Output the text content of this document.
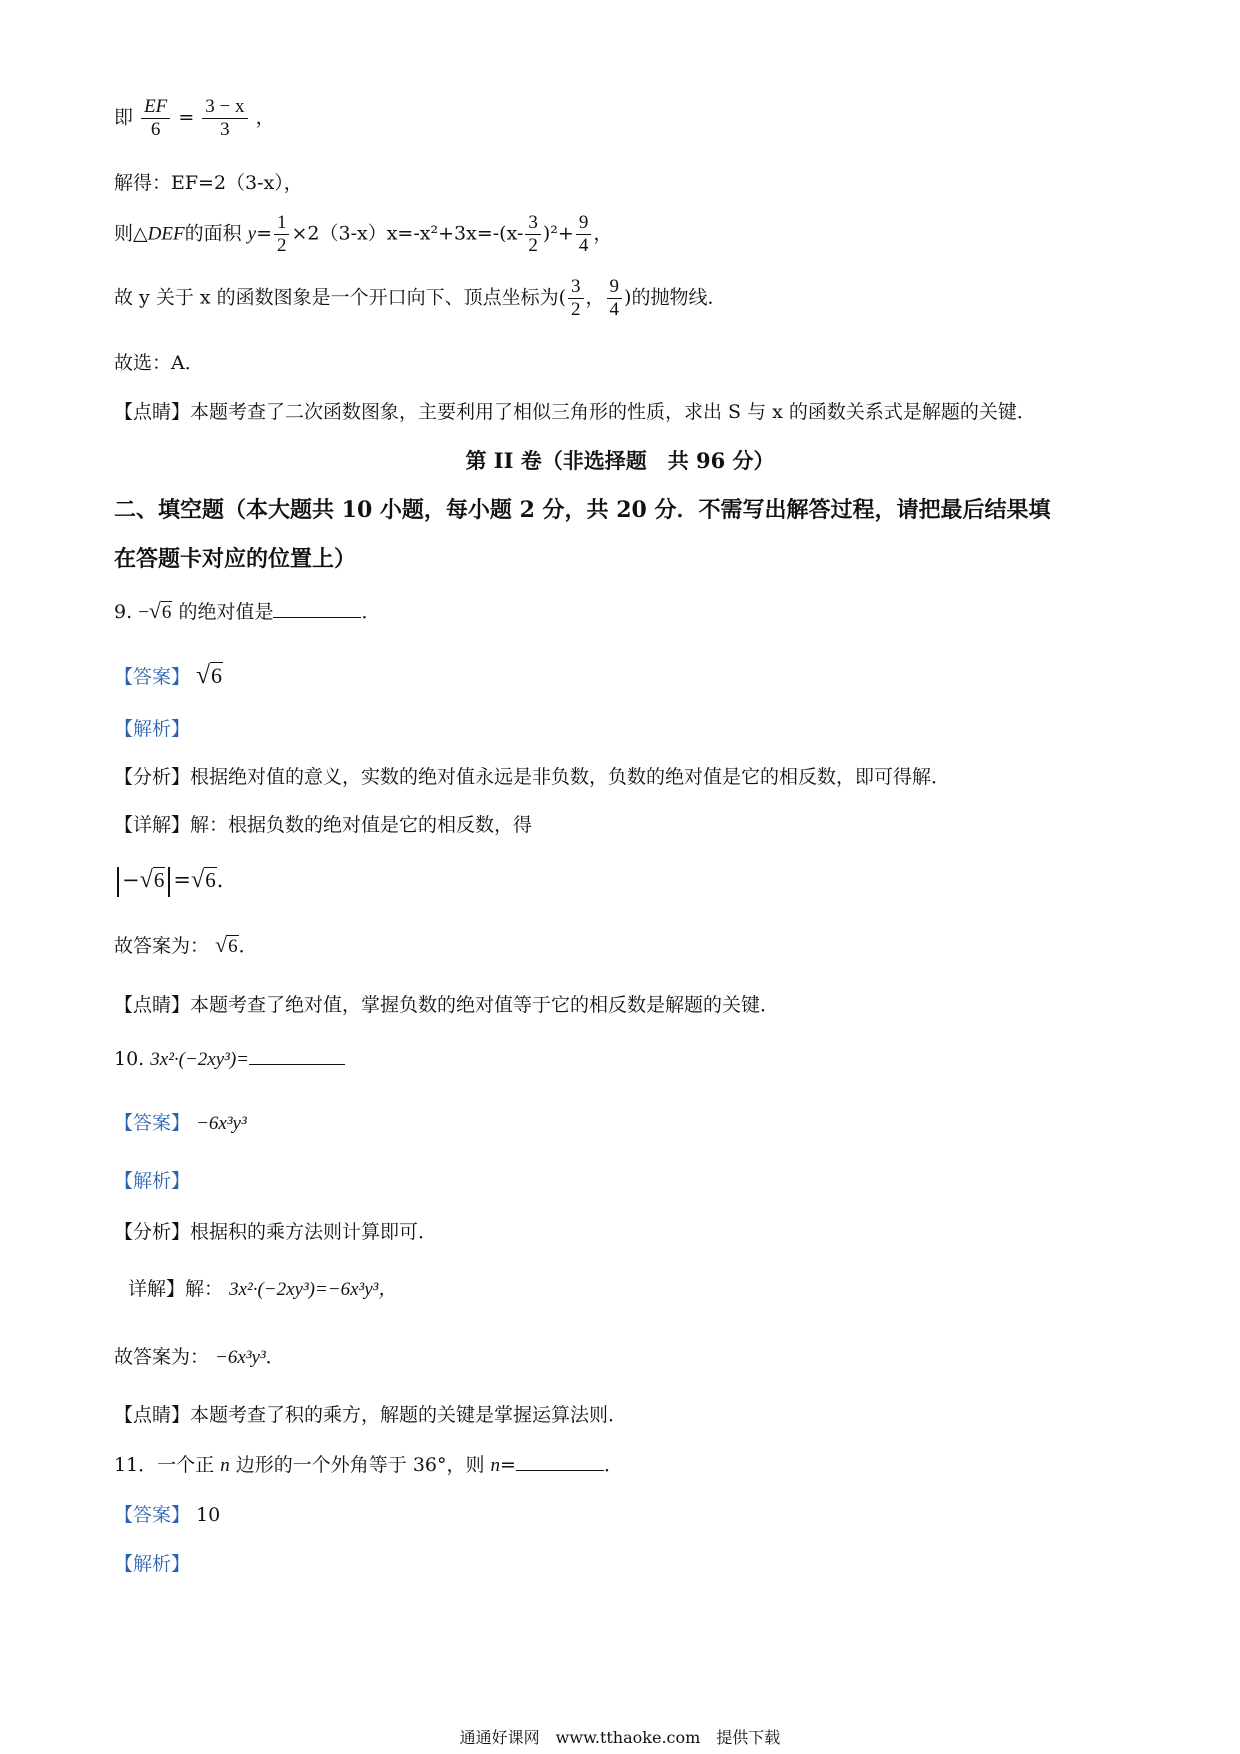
即 $\frac{EF}{6} = \frac{3 - x}{3}$ ，
解得：EF=2（3-x），
则△DEF的面积 $y= \frac{1}{2} \times 2(3-x)x=-x^2+3x=-(x- \frac{3}{2} )^2+ \frac{9}{4}$ ，
故 y 关于 x 的函数图象是一个开口向下、顶点坐标为( $\frac{3}{2}$ ， $\frac{9}{4}$ )的抛物线．
故选：A．
【点睛】本题考查了二次函数图象，主要利用了相似三角形的性质，求出 S 与 x 的函数关系式是解题的关键．
第 II 卷（非选择题　共 96 分）
二、填空题（本大题共 10 小题，每小题 2 分，共 20 分．不需写出解答过程，请把最后结果填
在答题卡对应的位置上）
9. −√6 的绝对值是	．
【答案】 √6
【解析】
【分析】根据绝对值的意义，实数的绝对值永远是非负数，负数的绝对值是它的相反数，即可得解．
【详解】解：根据负数的绝对值是它的相反数，得
−√6 =√6．
故答案为： √6．
【点睛】本题考查了绝对值，掌握负数的绝对值等于它的相反数是解题的关键．
10. 3x²·(−2xy³)=
【答案】 −6x³y³
【解析】
【分析】根据积的乘方法则计算即可．
详解】解： 3x²·(−2xy³)=−6x³y³，
故答案为： −6x³y³．
【点睛】本题考查了积的乘方，解题的关键是掌握运算法则．
11．一个正 n 边形的一个外角等于 36°，则 n=	．
【答案】 10
【解析】
通通好课网　www.tthaoke.com　提供下载
